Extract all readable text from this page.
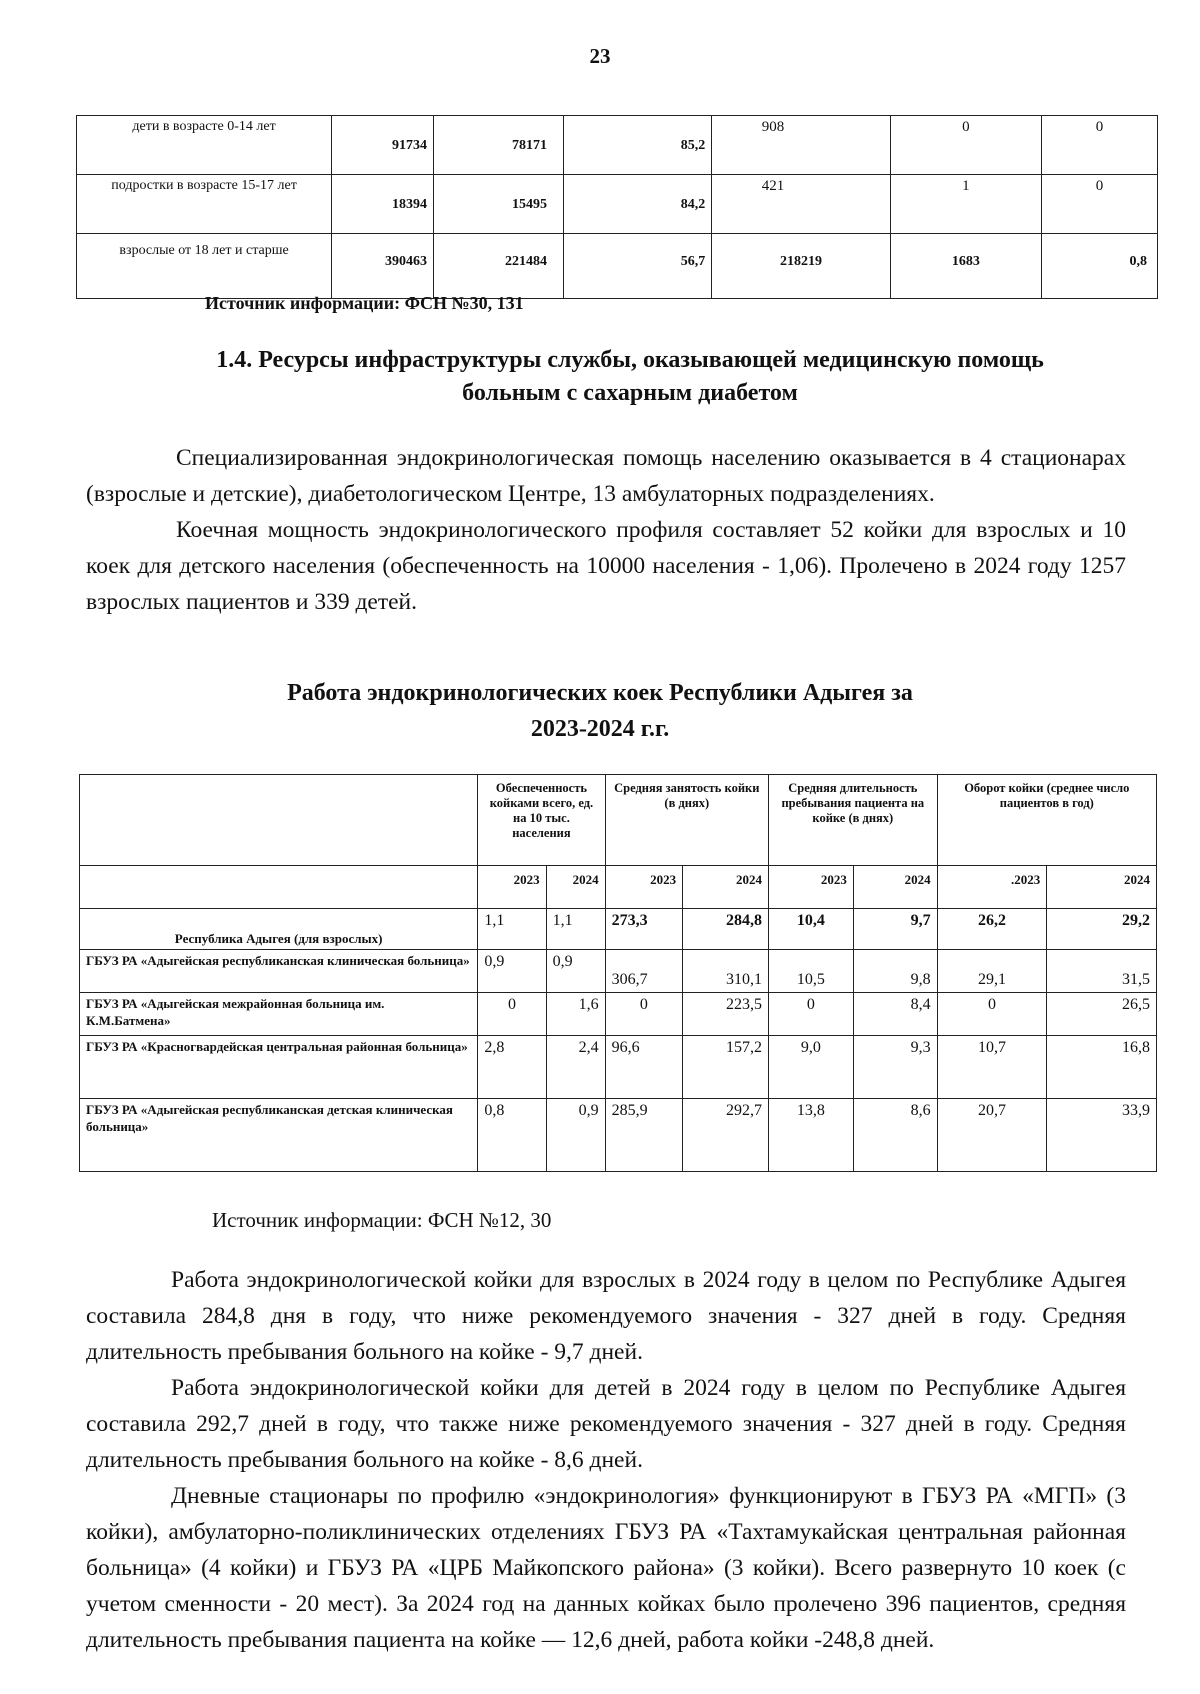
23
дети в возрасте 0-14 лет	91734	78171	85,2	908	0	0

подростки в возрасте 15-17 лет	18394	15495	84,2	421	1	0

взрослые от 18 лет и старше	390463	221484	56,7	218219	1683	0,8
Источник информации: ФСН №30, 131
1.4. Ресурсы инфраструктуры службы, оказывающей медицинскую помощь больным с сахарным диабетом

Специализированная эндокринологическая помощь населению оказывается в 4 стационарах (взрослые и детские), диабетологическом Центре, 13 амбулаторных подразделениях.

Коечная мощность эндокринологического профиля составляет 52 койки для взрослых и 10 коек для детского населения (обеспеченность на 10000 населения - 1,06). Пролечено в 2024 году 1257 взрослых пациентов и 339 детей.

Работа эндокринологических коек Республики Адыгея за
2023-2024 г.г.
	Обеспеченность койками всего, ед. на 10 тыс. населения		Средняя занятость койки (в днях)		Средняя длительность пребывания пациента на койке (в днях)		Оборот койки (среднее число пациентов в год)	
	2023	2024	2023	2024	2023	2024	.2023	2024
Республика Адыгея (для взрослых)	1,1	1,1	273,3	284,8	10,4	9,7	26,2	29,2
ГБУЗ РА «Адыгейская республиканская клиническая больница»	0,9	0,9	306,7	310,1	10,5	9,8	29,1	31,5
ГБУЗ РА «Адыгейская межрайонная больница им. К.М.Батмена»	0	1,6	0	223,5	0	8,4	0	26,5
ГБУЗ РА «Красногвардейская центральная районная больница»	2,8	2,4	96,6	157,2	9,0	9,3	10,7	16,8
ГБУЗ РА «Адыгейская республиканская детская клиническая больница»	0,8	0,9	285,9	292,7	13,8	8,6	20,7	33,9
Источник информации: ФСН №12, 30

Работа эндокринологической койки для взрослых в 2024 году в целом по Республике Адыгея составила 284,8 дня в году, что ниже рекомендуемого значения - 327 дней в году. Средняя длительность пребывания больного на койке - 9,7 дней.

Работа эндокринологической койки для детей в 2024 году в целом по Республике Адыгея составила 292,7 дней в году, что также ниже рекомендуемого значения - 327 дней в году. Средняя длительность пребывания больного на койке - 8,6 дней.

Дневные стационары по профилю «эндокринология» функционируют в ГБУЗ РА «МГП» (3 койки), амбулаторно-поликлинических отделениях ГБУЗ РА «Тахтамукайская центральная районная больница» (4 койки) и ГБУЗ РА «ЦРБ Майкопского района» (3 койки). Всего развернуто 10 коек (с учетом сменности - 20 мест). За 2024 год на данных койках было пролечено 396 пациентов, средняя длительность пребывания пациента на койке — 12,6 дней, работа койки -248,8 дней.
